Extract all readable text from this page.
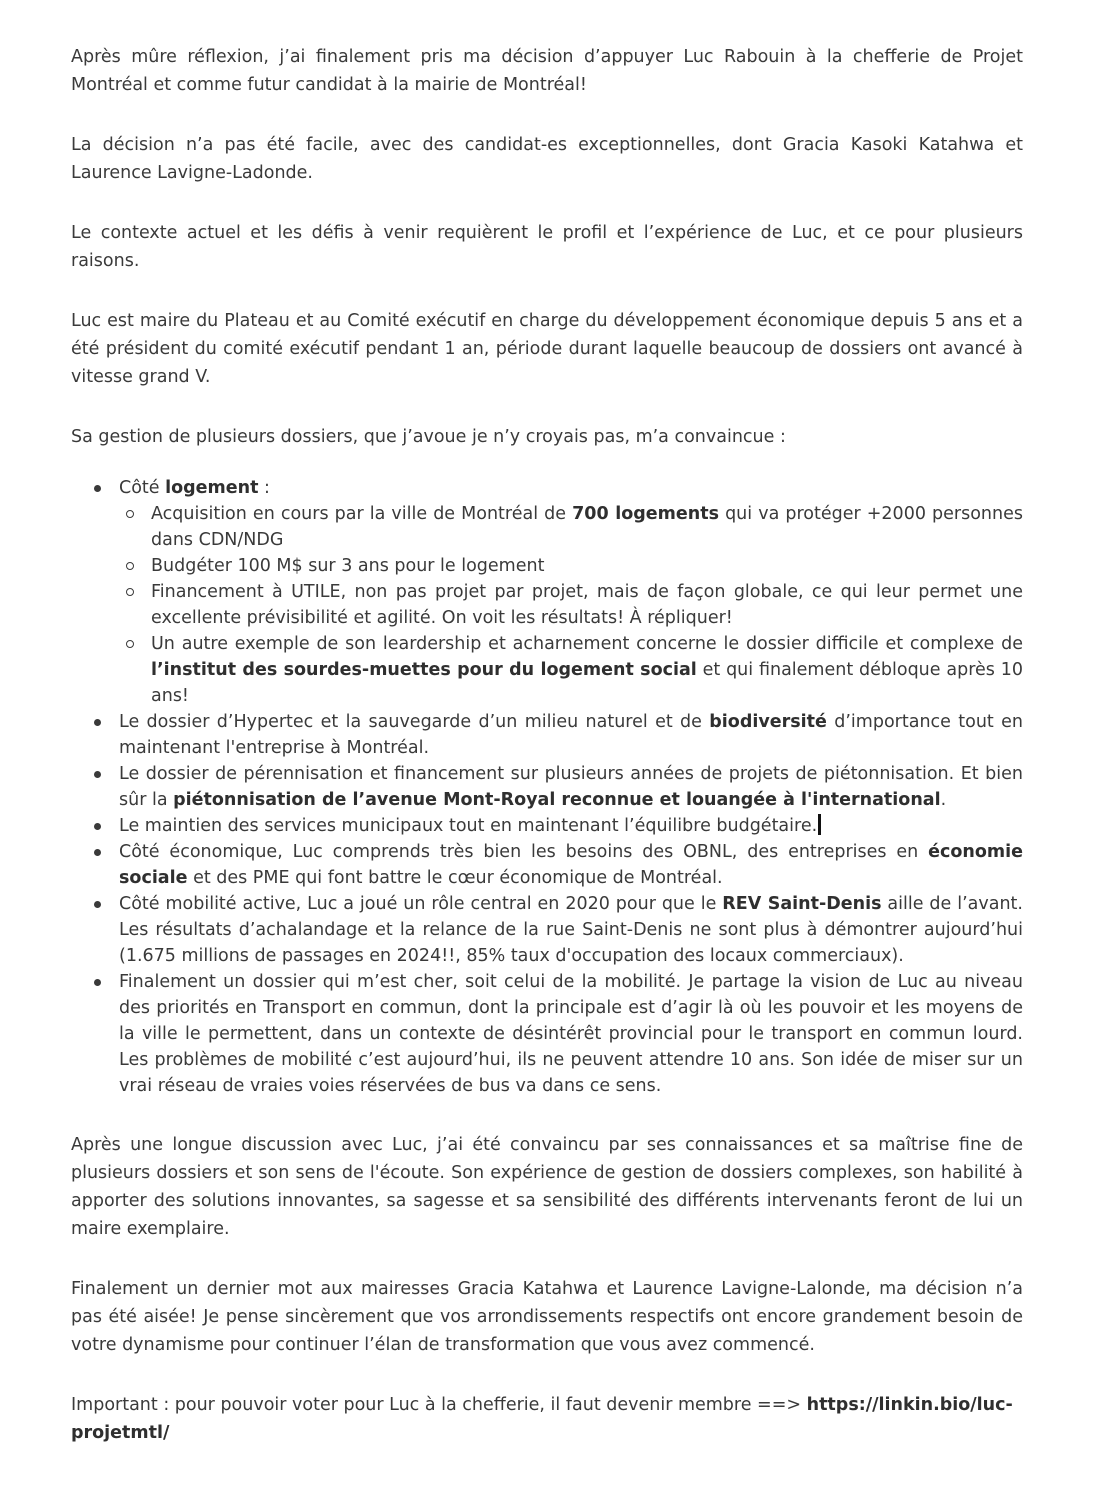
Après mûre réflexion, j’ai finalement pris ma décision d’appuyer Luc Rabouin à la chefferie de Projet Montréal et comme futur candidat à la mairie de Montréal!

La décision n’a pas été facile, avec des candidat-es exceptionnelles, dont Gracia Kasoki Katahwa et Laurence Lavigne-Ladonde.

Le contexte actuel et les défis à venir requièrent le profil et l’expérience de Luc, et ce pour plusieurs raisons.

Luc est maire du Plateau et au Comité exécutif en charge du développement économique depuis 5 ans et a été président du comité exécutif pendant 1 an, période durant laquelle beaucoup de dossiers ont avancé à vitesse grand V.

Sa gestion de plusieurs dossiers, que j’avoue je n’y croyais pas, m’a convaincue :

Côté logement :
Acquisition en cours par la ville de Montréal de 700 logements qui va protéger +2000 personnes dans CDN/NDG
Budgéter 100 M$ sur 3 ans pour le logement
Financement à UTILE, non pas projet par projet, mais de façon globale, ce qui leur permet une excellente prévisibilité et agilité. On voit les résultats! À répliquer!
Un autre exemple de son leardership et acharnement concerne le dossier difficile et complexe de l’institut des sourdes-muettes pour du logement social et qui finalement débloque après 10 ans!
Le dossier d’Hypertec et la sauvegarde d’un milieu naturel et de biodiversité d’importance tout en maintenant l'entreprise à Montréal.
Le dossier de pérennisation et financement sur plusieurs années de projets de piétonnisation. Et bien sûr la piétonnisation de l’avenue Mont-Royal reconnue et louangée à l'international.
Le maintien des services municipaux tout en maintenant l’équilibre budgétaire.
Côté économique, Luc comprends très bien les besoins des OBNL, des entreprises en économie sociale et des PME qui font battre le cœur économique de Montréal.
Côté mobilité active, Luc a joué un rôle central en 2020 pour que le REV Saint-Denis aille de l’avant. Les résultats d’achalandage et la relance de la rue Saint-Denis ne sont plus à démontrer aujourd’hui (1.675 millions de passages en 2024!!, 85% taux d'occupation des locaux commerciaux).
Finalement un dossier qui m’est cher, soit celui de la mobilité. Je partage la vision de Luc au niveau des priorités en Transport en commun, dont la principale est d’agir là où les pouvoir et les moyens de la ville le permettent, dans un contexte de désintérêt provincial pour le transport en commun lourd. Les problèmes de mobilité c’est aujourd’hui, ils ne peuvent attendre 10 ans. Son idée de miser sur un vrai réseau de vraies voies réservées de bus va dans ce sens.

Après une longue discussion avec Luc, j’ai été convaincu par ses connaissances et sa maîtrise fine de plusieurs dossiers et son sens de l'écoute. Son expérience de gestion de dossiers complexes, son habilité à apporter des solutions innovantes, sa sagesse et sa sensibilité des différents intervenants feront de lui un maire exemplaire.

Finalement un dernier mot aux mairesses Gracia Katahwa et Laurence Lavigne-Lalonde, ma décision n’a pas été aisée! Je pense sincèrement que vos arrondissements respectifs ont encore grandement besoin de votre dynamisme pour continuer l’élan de transformation que vous avez commencé.

Important : pour pouvoir voter pour Luc à la chefferie, il faut devenir membre ==> https://linkin.bio/luc-projetmtl/
